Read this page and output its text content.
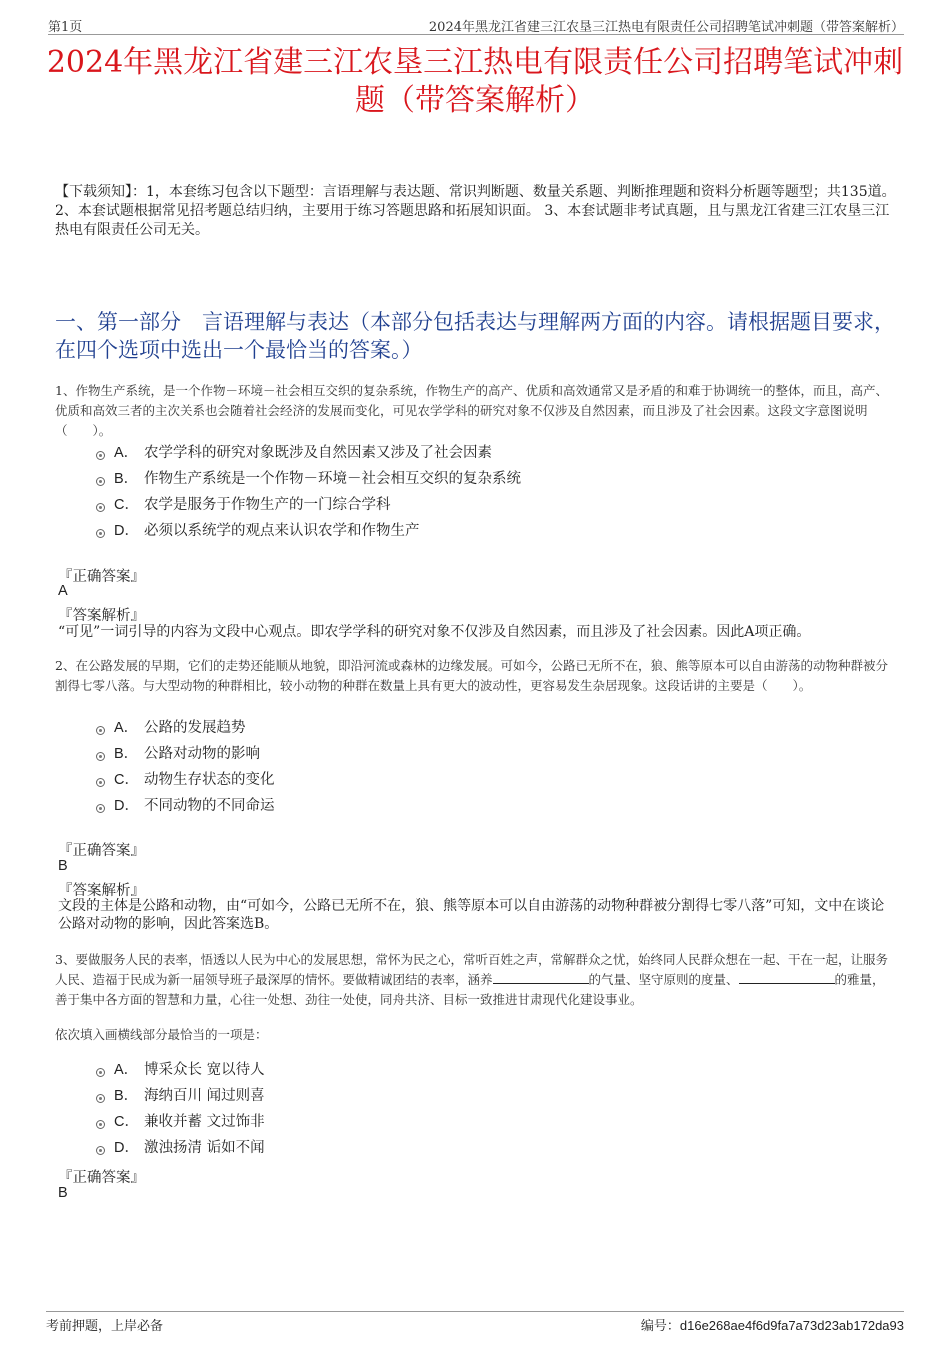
第1页	2024年黑龙江省建三江农垦三江热电有限责任公司招聘笔试冲刺题（带答案解析）
2024年黑龙江省建三江农垦三江热电有限责任公司招聘笔试冲刺题（带答案解析）
【下载须知】：1，本套练习包含以下题型：言语理解与表达题、常识判断题、数量关系题、判断推理题和资料分析题等题型；共135道。 2、本套试题根据常见招考题总结归纳，主要用于练习答题思路和拓展知识面。 3、本套试题非考试真题，且与黑龙江省建三江农垦三江热电有限责任公司无关。
一、第一部分　言语理解与表达（本部分包括表达与理解两方面的内容。请根据题目要求，在四个选项中选出一个最恰当的答案。）
1、作物生产系统，是一个作物－环境－社会相互交织的复杂系统，作物生产的高产、优质和高效通常又是矛盾的和难于协调统一的整体，而且，高产、优质和高效三者的主次关系也会随着社会经济的发展而变化，可见农学学科的研究对象不仅涉及自然因素，而且涉及了社会因素。这段文字意图说明（　　）。
A． 农学学科的研究对象既涉及自然因素又涉及了社会因素
B． 作物生产系统是一个作物－环境－社会相互交织的复杂系统
C． 农学是服务于作物生产的一门综合学科
D． 必须以系统学的观点来认识农学和作物生产
『正确答案』
A
『答案解析』
“可见”一词引导的内容为文段中心观点。即农学学科的研究对象不仅涉及自然因素，而且涉及了社会因素。因此A项正确。
2、在公路发展的早期，它们的走势还能顺从地貌，即沿河流或森林的边缘发展。可如今，公路已无所不在，狼、熊等原本可以自由游荡的动物种群被分割得七零八落。与大型动物的种群相比，较小动物的种群在数量上具有更大的波动性，更容易发生杂居现象。这段话讲的主要是（　　）。
A． 公路的发展趋势
B． 公路对动物的影响
C． 动物生存状态的变化
D． 不同动物的不同命运
『正确答案』
B
『答案解析』
文段的主体是公路和动物，由“可如今，公路已无所不在，狼、熊等原本可以自由游荡的动物种群被分割得七零八落”可知，文中在谈论公路对动物的影响，因此答案选B。
3、要做服务人民的表率，悟透以人民为中心的发展思想，常怀为民之心，常听百姓之声，常解群众之忧，始终同人民群众想在一起、干在一起，让服务人民、造福于民成为新一届领导班子最深厚的情怀。要做精诚团结的表率，涵养	的气量、坚守原则的度量、	的雅量，善于集中各方面的智慧和力量，心往一处想、劲往一处使，同舟共济、目标一致推进甘肃现代化建设事业。
依次填入画横线部分最恰当的一项是：
A． 博采众长 宽以待人
B． 海纳百川 闻过则喜
C． 兼收并蓄 文过饰非
D． 激浊扬清 诟如不闻
『正确答案』
B
考前押题，上岸必备	编号：d16e268ae4f6d9fa7a73d23ab172da93
